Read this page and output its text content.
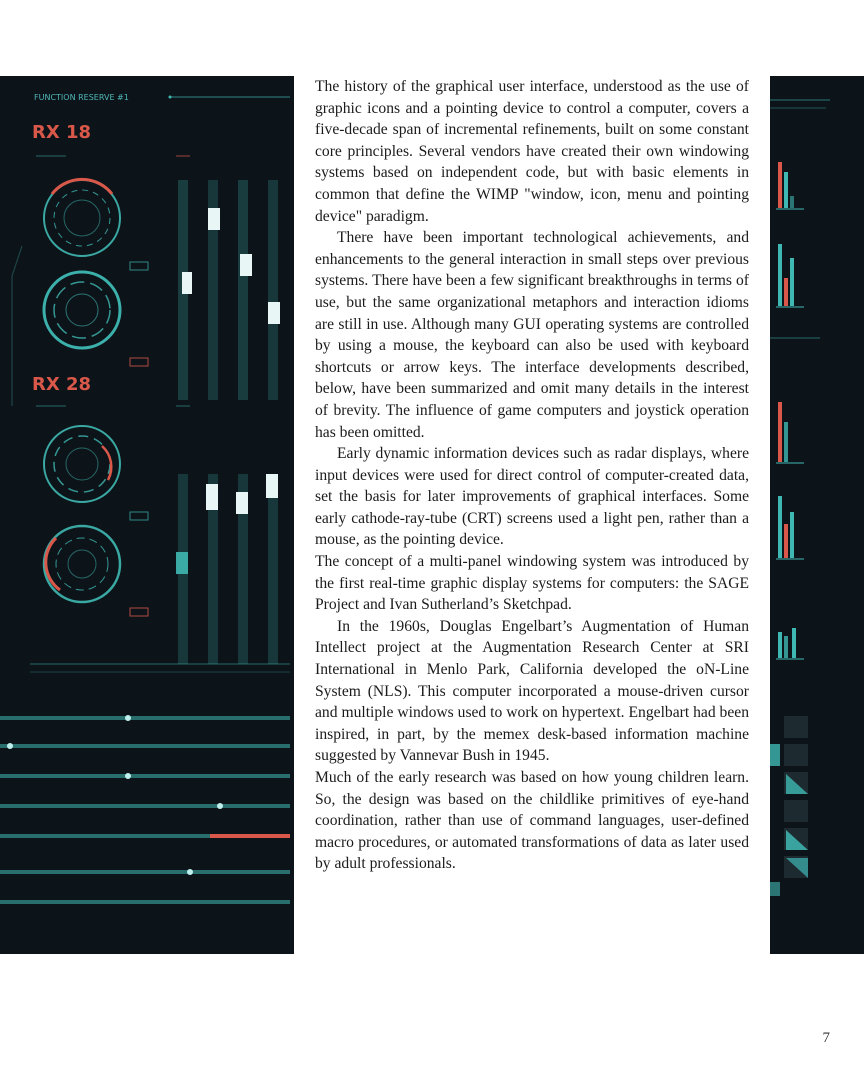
FUNCTION RESERVE #1
RX 18
RX 28

The history of the graphical user interface, understood as the use of graphic icons and a pointing device to control a computer, covers a five-decade span of incremental refinements, built on some constant core principles. Several vendors have created their own windowing systems based on independent code, but with basic elements in common that define the WIMP "window, icon, menu and pointing device" paradigm.

There have been important technological achievements, and enhancements to the general interaction in small steps over previous systems. There have been a few significant breakthroughs in terms of use, but the same organizational metaphors and interaction idioms are still in use. Although many GUI operating systems are controlled by using a mouse, the keyboard can also be used with keyboard shortcuts or arrow keys. The interface developments described, below, have been summarized and omit many details in the interest of brevity. The influence of game computers and joystick operation has been omitted.

Early dynamic information devices such as radar displays, where input devices were used for direct control of computer-created data, set the basis for later improvements of graphical interfaces. Some early cathode-ray-tube (CRT) screens used a light pen, rather than a mouse, as the pointing device.

The concept of a multi-panel windowing system was introduced by the first real-time graphic display systems for computers: the SAGE Project and Ivan Sutherland’s Sketchpad.

In the 1960s, Douglas Engelbart’s Augmentation of Human Intellect project at the Augmentation Research Center at SRI International in Menlo Park, California developed the oN-Line System (NLS). This computer incorporated a mouse-driven cursor and multiple windows used to work on hypertext. Engelbart had been inspired, in part, by the memex desk-based information machine suggested by Vannevar Bush in 1945.

Much of the early research was based on how young children learn. So, the design was based on the childlike primitives of eye-hand coordination, rather than use of command languages, user-defined macro procedures, or automated transformations of data as later used by adult professionals.

7
